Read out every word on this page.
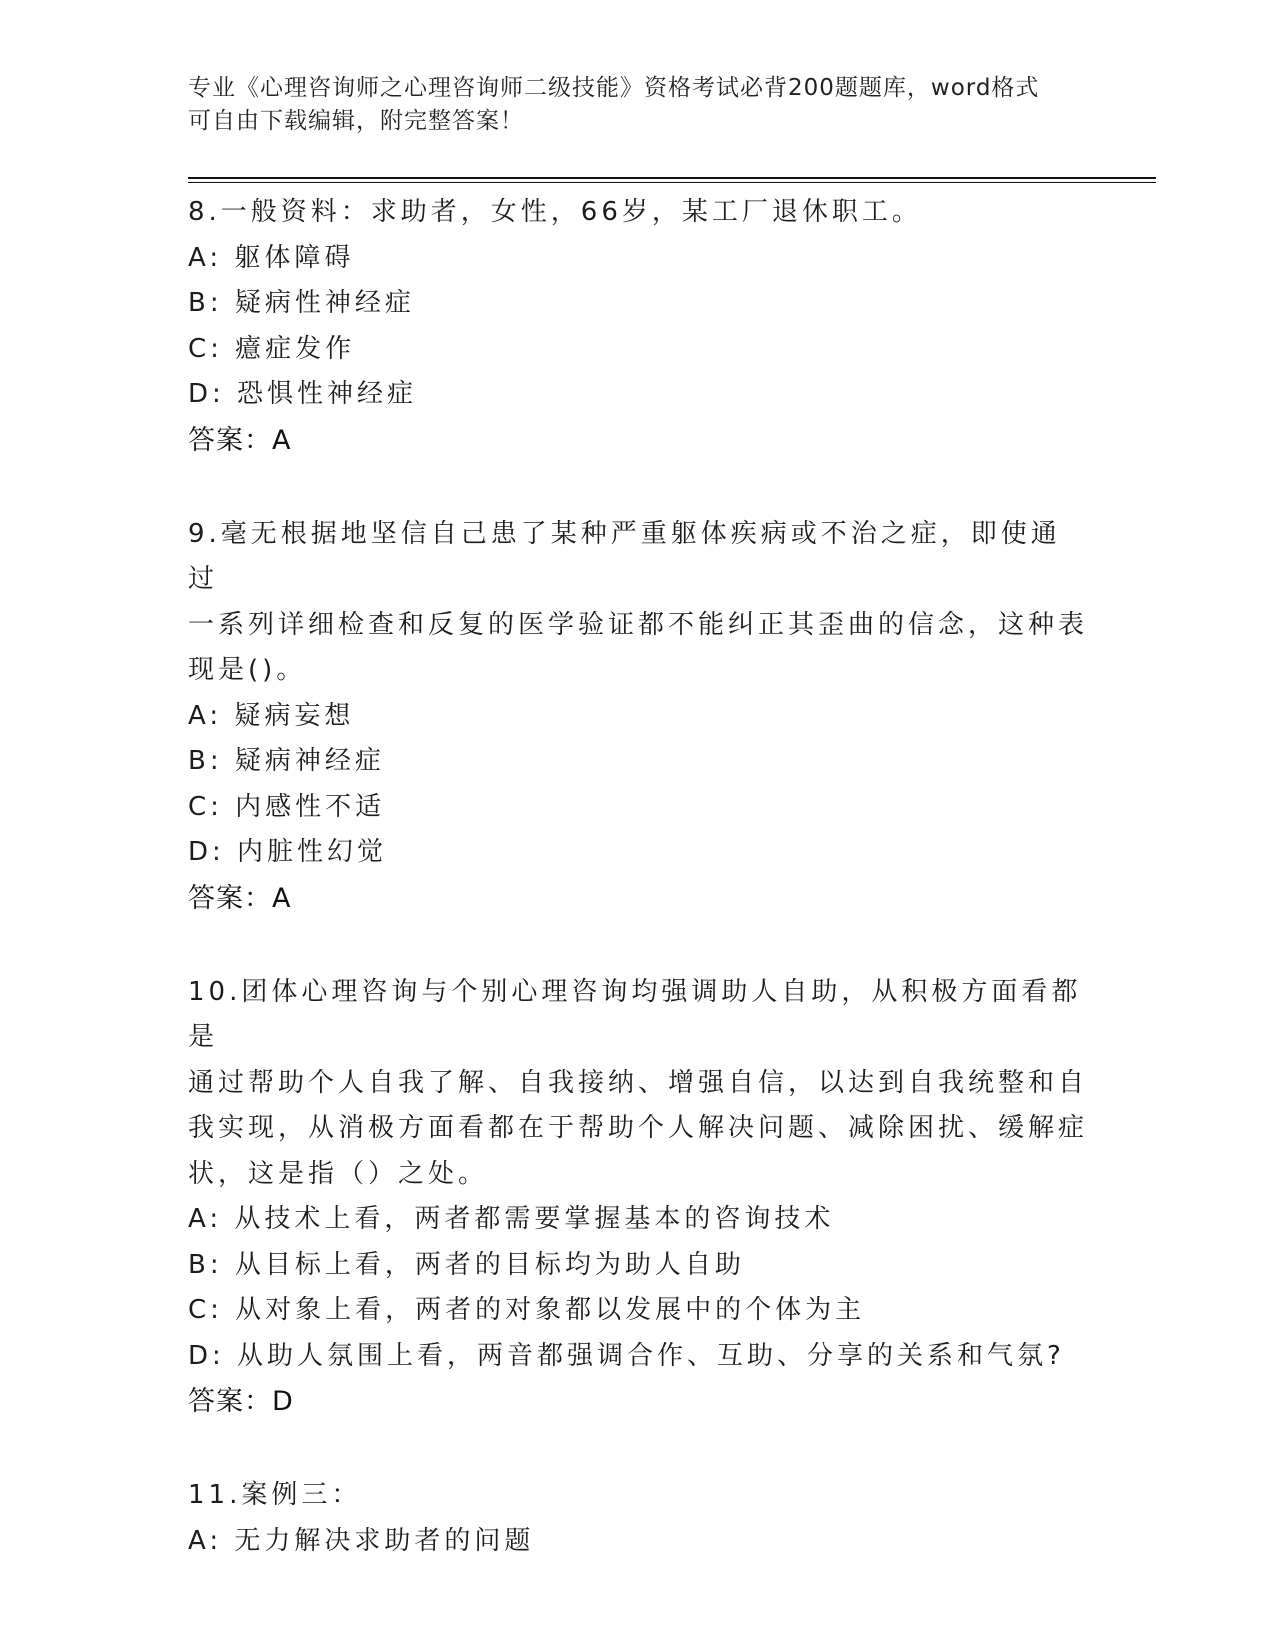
专业《心理咨询师之心理咨询师二级技能》资格考试必背200题题库，word格式
可自由下载编辑，附完整答案！
8.一般资料：求助者，女性，66岁，某工厂退休职工。
A: 躯体障碍
B: 疑病性神经症
C: 癔症发作
D: 恐惧性神经症
答案：A
9.毫无根据地坚信自己患了某种严重躯体疾病或不治之症，即使通过
一系列详细检查和反复的医学验证都不能纠正其歪曲的信念，这种表
现是()。
A: 疑病妄想
B: 疑病神经症
C: 内感性不适
D: 内脏性幻觉
答案：A
10.团体心理咨询与个别心理咨询均强调助人自助，从积极方面看都是
通过帮助个人自我了解、自我接纳、增强自信，以达到自我统整和自
我实现，从消极方面看都在于帮助个人解决问题、减除困扰、缓解症
状，这是指（）之处。
A: 从技术上看，两者都需要掌握基本的咨询技术
B: 从目标上看，两者的目标均为助人自助
C: 从对象上看，两者的对象都以发展中的个体为主
D: 从助人氛围上看，两音都强调合作、互助、分享的关系和气氛?
答案：D
11.案例三：
A: 无力解决求助者的问题
